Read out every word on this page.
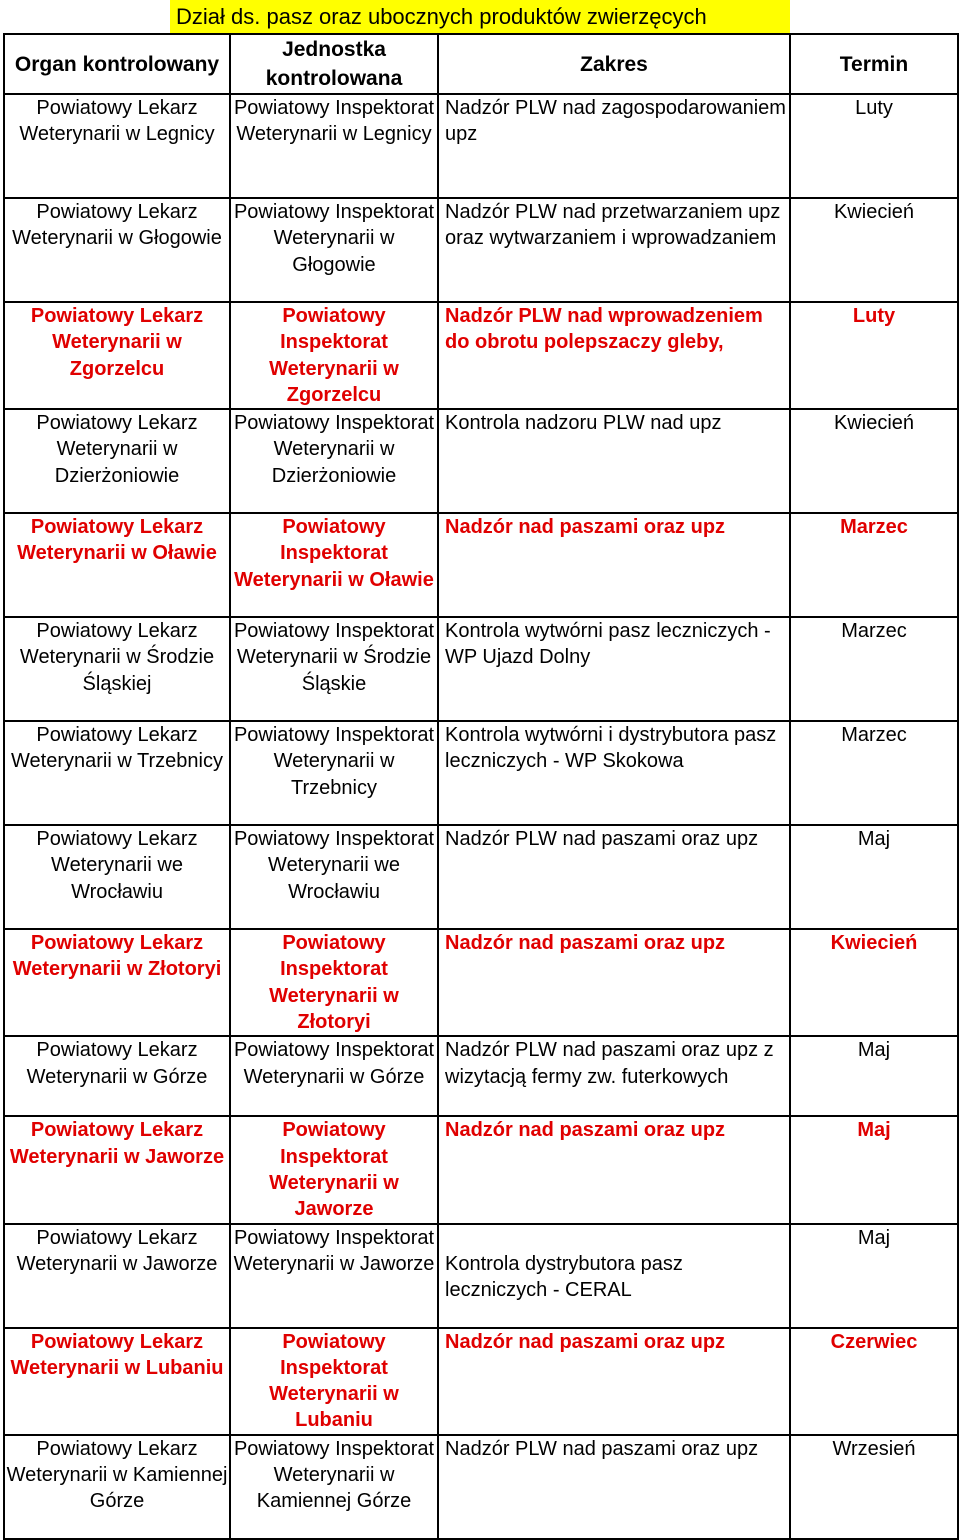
Dział ds. pasz oraz ubocznych produktów zwierzęcych
Organ kontrolowany	Jednostka kontrolowana	Zakres	Termin

Powiatowy Lekarz Weterynarii w Legnicy	Powiatowy Inspektorat Weterynarii w Legnicy	Nadzór PLW nad zagospodarowaniem upz	Luty

Powiatowy Lekarz Weterynarii w Głogowie	Powiatowy Inspektorat Weterynarii w Głogowie	Nadzór PLW nad przetwarzaniem upz oraz wytwarzaniem i wprowadzaniem	Kwiecień

Powiatowy Lekarz Weterynarii w Zgorzelcu	Powiatowy Inspektorat Weterynarii w Zgorzelcu	Nadzór PLW nad wprowadzeniem do obrotu polepszaczy gleby,	Luty

Powiatowy Lekarz Weterynarii w Dzierżoniowie	Powiatowy Inspektorat Weterynarii w Dzierżoniowie	Kontrola nadzoru PLW nad upz	Kwiecień

Powiatowy Lekarz Weterynarii w Oławie	Powiatowy Inspektorat Weterynarii w Oławie	Nadzór nad paszami oraz upz	Marzec

Powiatowy Lekarz Weterynarii w Środzie Śląskiej	Powiatowy Inspektorat Weterynarii w Środzie Śląskie	Kontrola wytwórni pasz leczniczych - WP Ujazd Dolny	Marzec

Powiatowy Lekarz Weterynarii w Trzebnicy	Powiatowy Inspektorat Weterynarii w Trzebnicy	Kontrola wytwórni i dystrybutora pasz leczniczych - WP Skokowa	Marzec

Powiatowy Lekarz Weterynarii we Wrocławiu	Powiatowy Inspektorat Weterynarii we Wrocławiu	Nadzór PLW nad paszami oraz upz	Maj

Powiatowy Lekarz Weterynarii w Złotoryi	Powiatowy Inspektorat Weterynarii w Złotoryi	Nadzór nad paszami oraz upz	Kwiecień

Powiatowy Lekarz Weterynarii w Górze	Powiatowy Inspektorat Weterynarii w Górze	Nadzór PLW nad paszami oraz upz z wizytacją fermy zw. futerkowych	Maj

Powiatowy Lekarz Weterynarii w Jaworze	Powiatowy Inspektorat Weterynarii w Jaworze	Nadzór nad paszami oraz upz	Maj

Powiatowy Lekarz Weterynarii w Jaworze	Powiatowy Inspektorat Weterynarii w Jaworze	Kontrola dystrybutora pasz leczniczych - CERAL	Maj

Powiatowy Lekarz Weterynarii w Lubaniu	Powiatowy Inspektorat Weterynarii w Lubaniu	Nadzór nad paszami oraz upz	Czerwiec

Powiatowy Lekarz Weterynarii w Kamiennej Górze	Powiatowy Inspektorat Weterynarii w Kamiennej Górze	Nadzór PLW nad paszami oraz upz	Wrzesień
